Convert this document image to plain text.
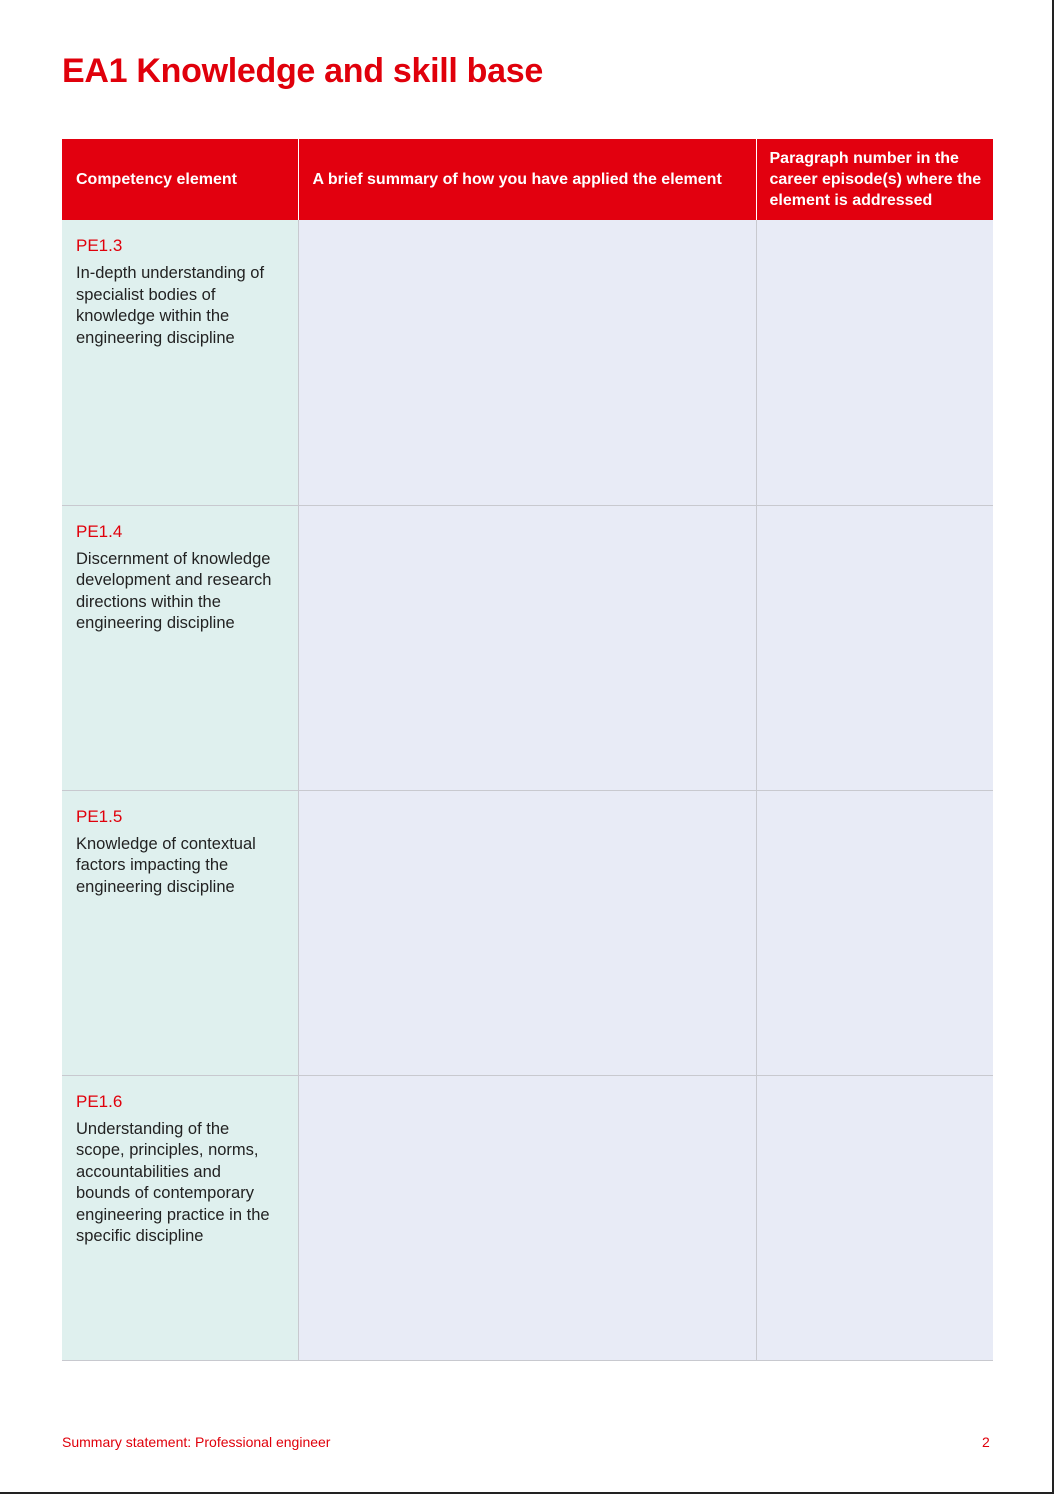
EA1 Knowledge and skill base
Competency element	A brief summary of how you have applied the element	Paragraph number in the career episode(s) where the element is addressed

PE1.3

In-depth understanding of specialist bodies of knowledge within the engineering discipline		

PE1.4

Discernment of knowledge development and research directions within the engineering discipline		

PE1.5

Knowledge of contextual factors impacting the engineering discipline		

PE1.6

Understanding of the scope, principles, norms, accountabilities and bounds of contemporary engineering practice in the specific discipline		

Summary statement: Professional engineer	2
